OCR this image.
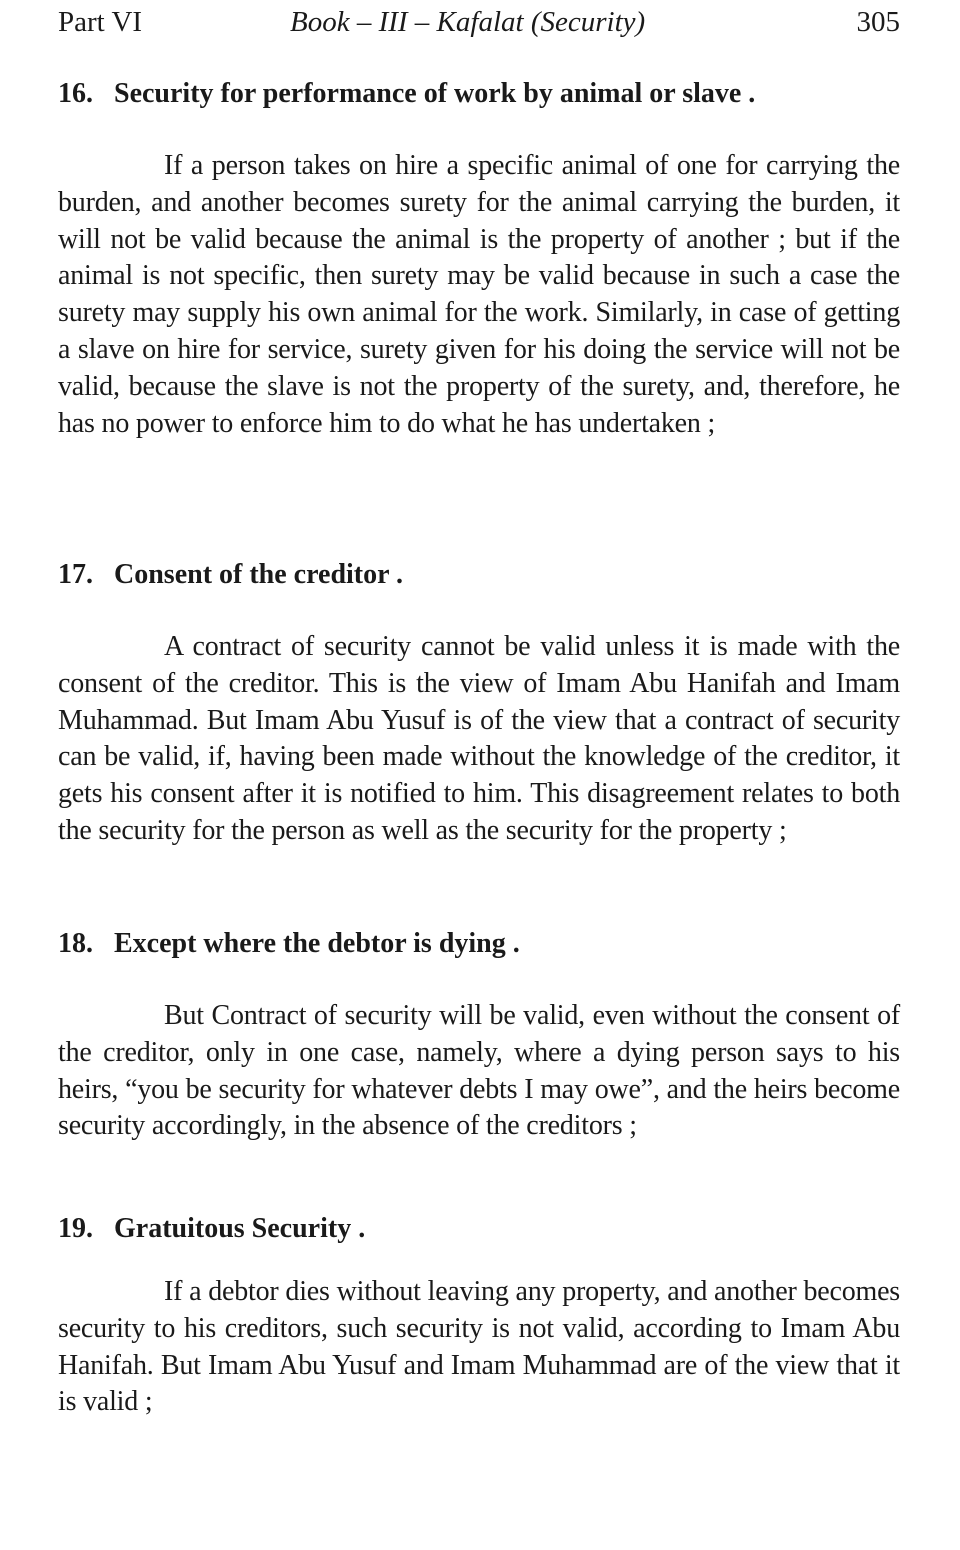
Part VI	Book – III – Kafalat (Security)	305
16. Security for performance of work by animal or slave .

If a person takes on hire a specific animal of one for carrying the burden, and another becomes surety for the animal carrying the burden, it will not be valid because the animal is the property of another ; but if the animal is not specific, then surety may be valid because in such a case the surety may supply his own animal for the work. Similarly, in case of getting a slave on hire for service, surety given for his doing the service will not be valid, because the slave is not the property of the surety, and, therefore, he has no power to enforce him to do what he has undertaken ;

17. Consent of the creditor .

A contract of security cannot be valid unless it is made with the consent of the creditor. This is the view of Imam Abu Hanifah and Imam Muhammad. But Imam Abu Yusuf is of the view that a contract of security can be valid, if, having been made without the knowledge of the creditor, it gets his consent after it is notified to him. This disagreement relates to both the security for the person as well as the security for the property ;

18. Except where the debtor is dying .

But Contract of security will be valid, even without the consent of the creditor, only in one case, namely, where a dying person says to his heirs, “you be security for whatever debts I may owe”, and the heirs become security accordingly, in the absence of the creditors ;

19. Gratuitous Security .

If a debtor dies without leaving any property, and another becomes security to his creditors, such security is not valid, according to Imam Abu Hanifah. But Imam Abu Yusuf and Imam Muhammad are of the view that it is valid ;
